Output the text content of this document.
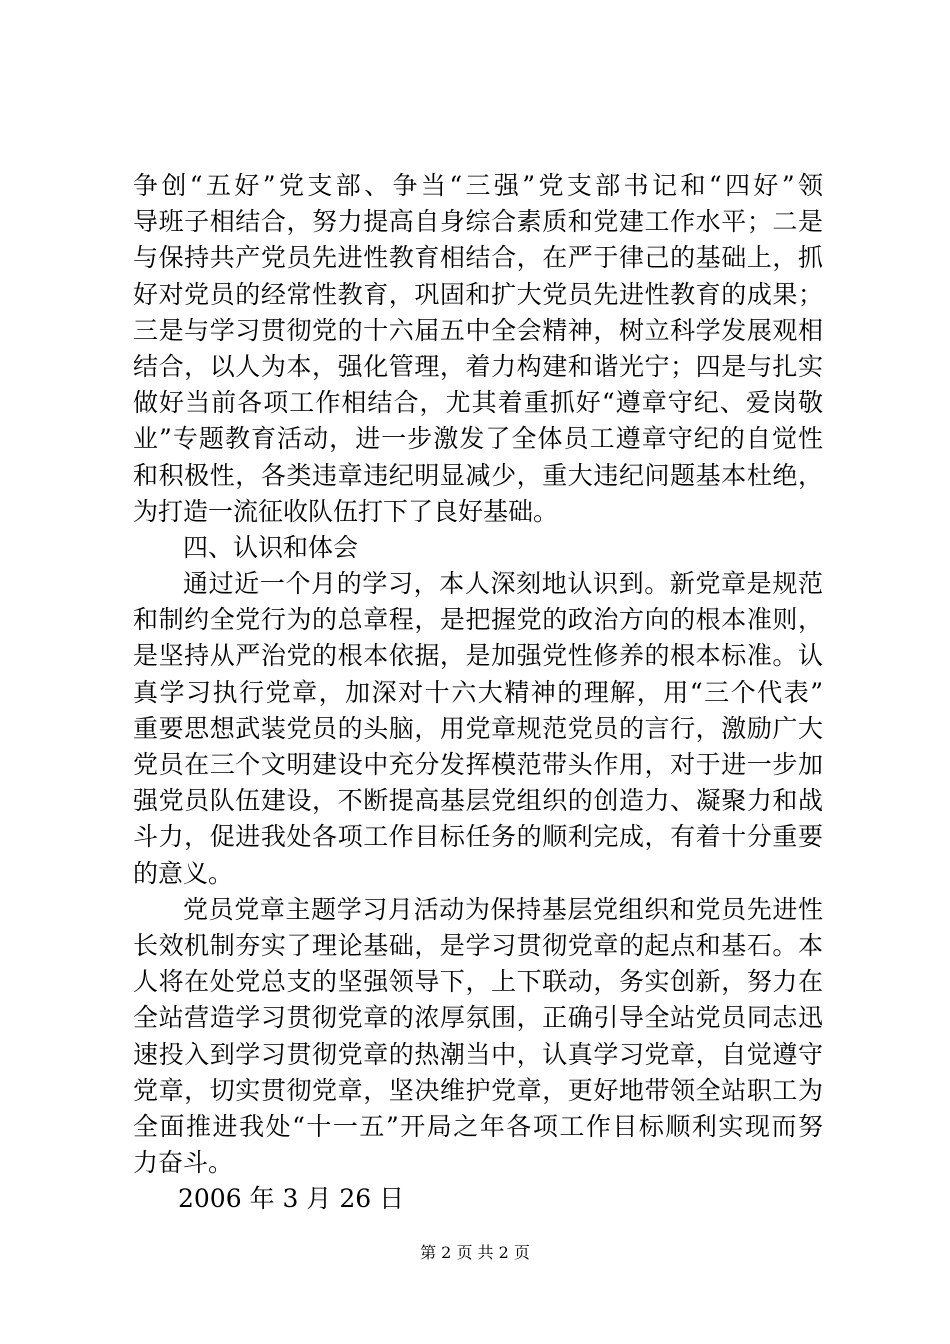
争创“五好”党支部、争当“三强”党支部书记和“四好”领
导班子相结合，努力提高自身综合素质和党建工作水平；二是
与保持共产党员先进性教育相结合，在严于律己的基础上，抓
好对党员的经常性教育，巩固和扩大党员先进性教育的成果；
三是与学习贯彻党的十六届五中全会精神，树立科学发展观相
结合，以人为本，强化管理，着力构建和谐光宁；四是与扎实
做好当前各项工作相结合，尤其着重抓好“遵章守纪、爱岗敬
业”专题教育活动，进一步激发了全体员工遵章守纪的自觉性
和积极性，各类违章违纪明显减少，重大违纪问题基本杜绝，
为打造一流征收队伍打下了良好基础。
四、认识和体会
通过近一个月的学习，本人深刻地认识到。新党章是规范
和制约全党行为的总章程，是把握党的政治方向的根本准则，
是坚持从严治党的根本依据，是加强党性修养的根本标准。认
真学习执行党章，加深对十六大精神的理解，用“三个代表”
重要思想武装党员的头脑，用党章规范党员的言行，激励广大
党员在三个文明建设中充分发挥模范带头作用，对于进一步加
强党员队伍建设，不断提高基层党组织的创造力、凝聚力和战
斗力，促进我处各项工作目标任务的顺利完成，有着十分重要
的意义。
党员党章主题学习月活动为保持基层党组织和党员先进性
长效机制夯实了理论基础，是学习贯彻党章的起点和基石。本
人将在处党总支的坚强领导下，上下联动，务实创新，努力在
全站营造学习贯彻党章的浓厚氛围，正确引导全站党员同志迅
速投入到学习贯彻党章的热潮当中，认真学习党章，自觉遵守
党章，切实贯彻党章，坚决维护党章，更好地带领全站职工为
全面推进我处“十一五”开局之年各项工作目标顺利实现而努
力奋斗。
2006 年 3 月 26 日
第 2 页 共 2 页
